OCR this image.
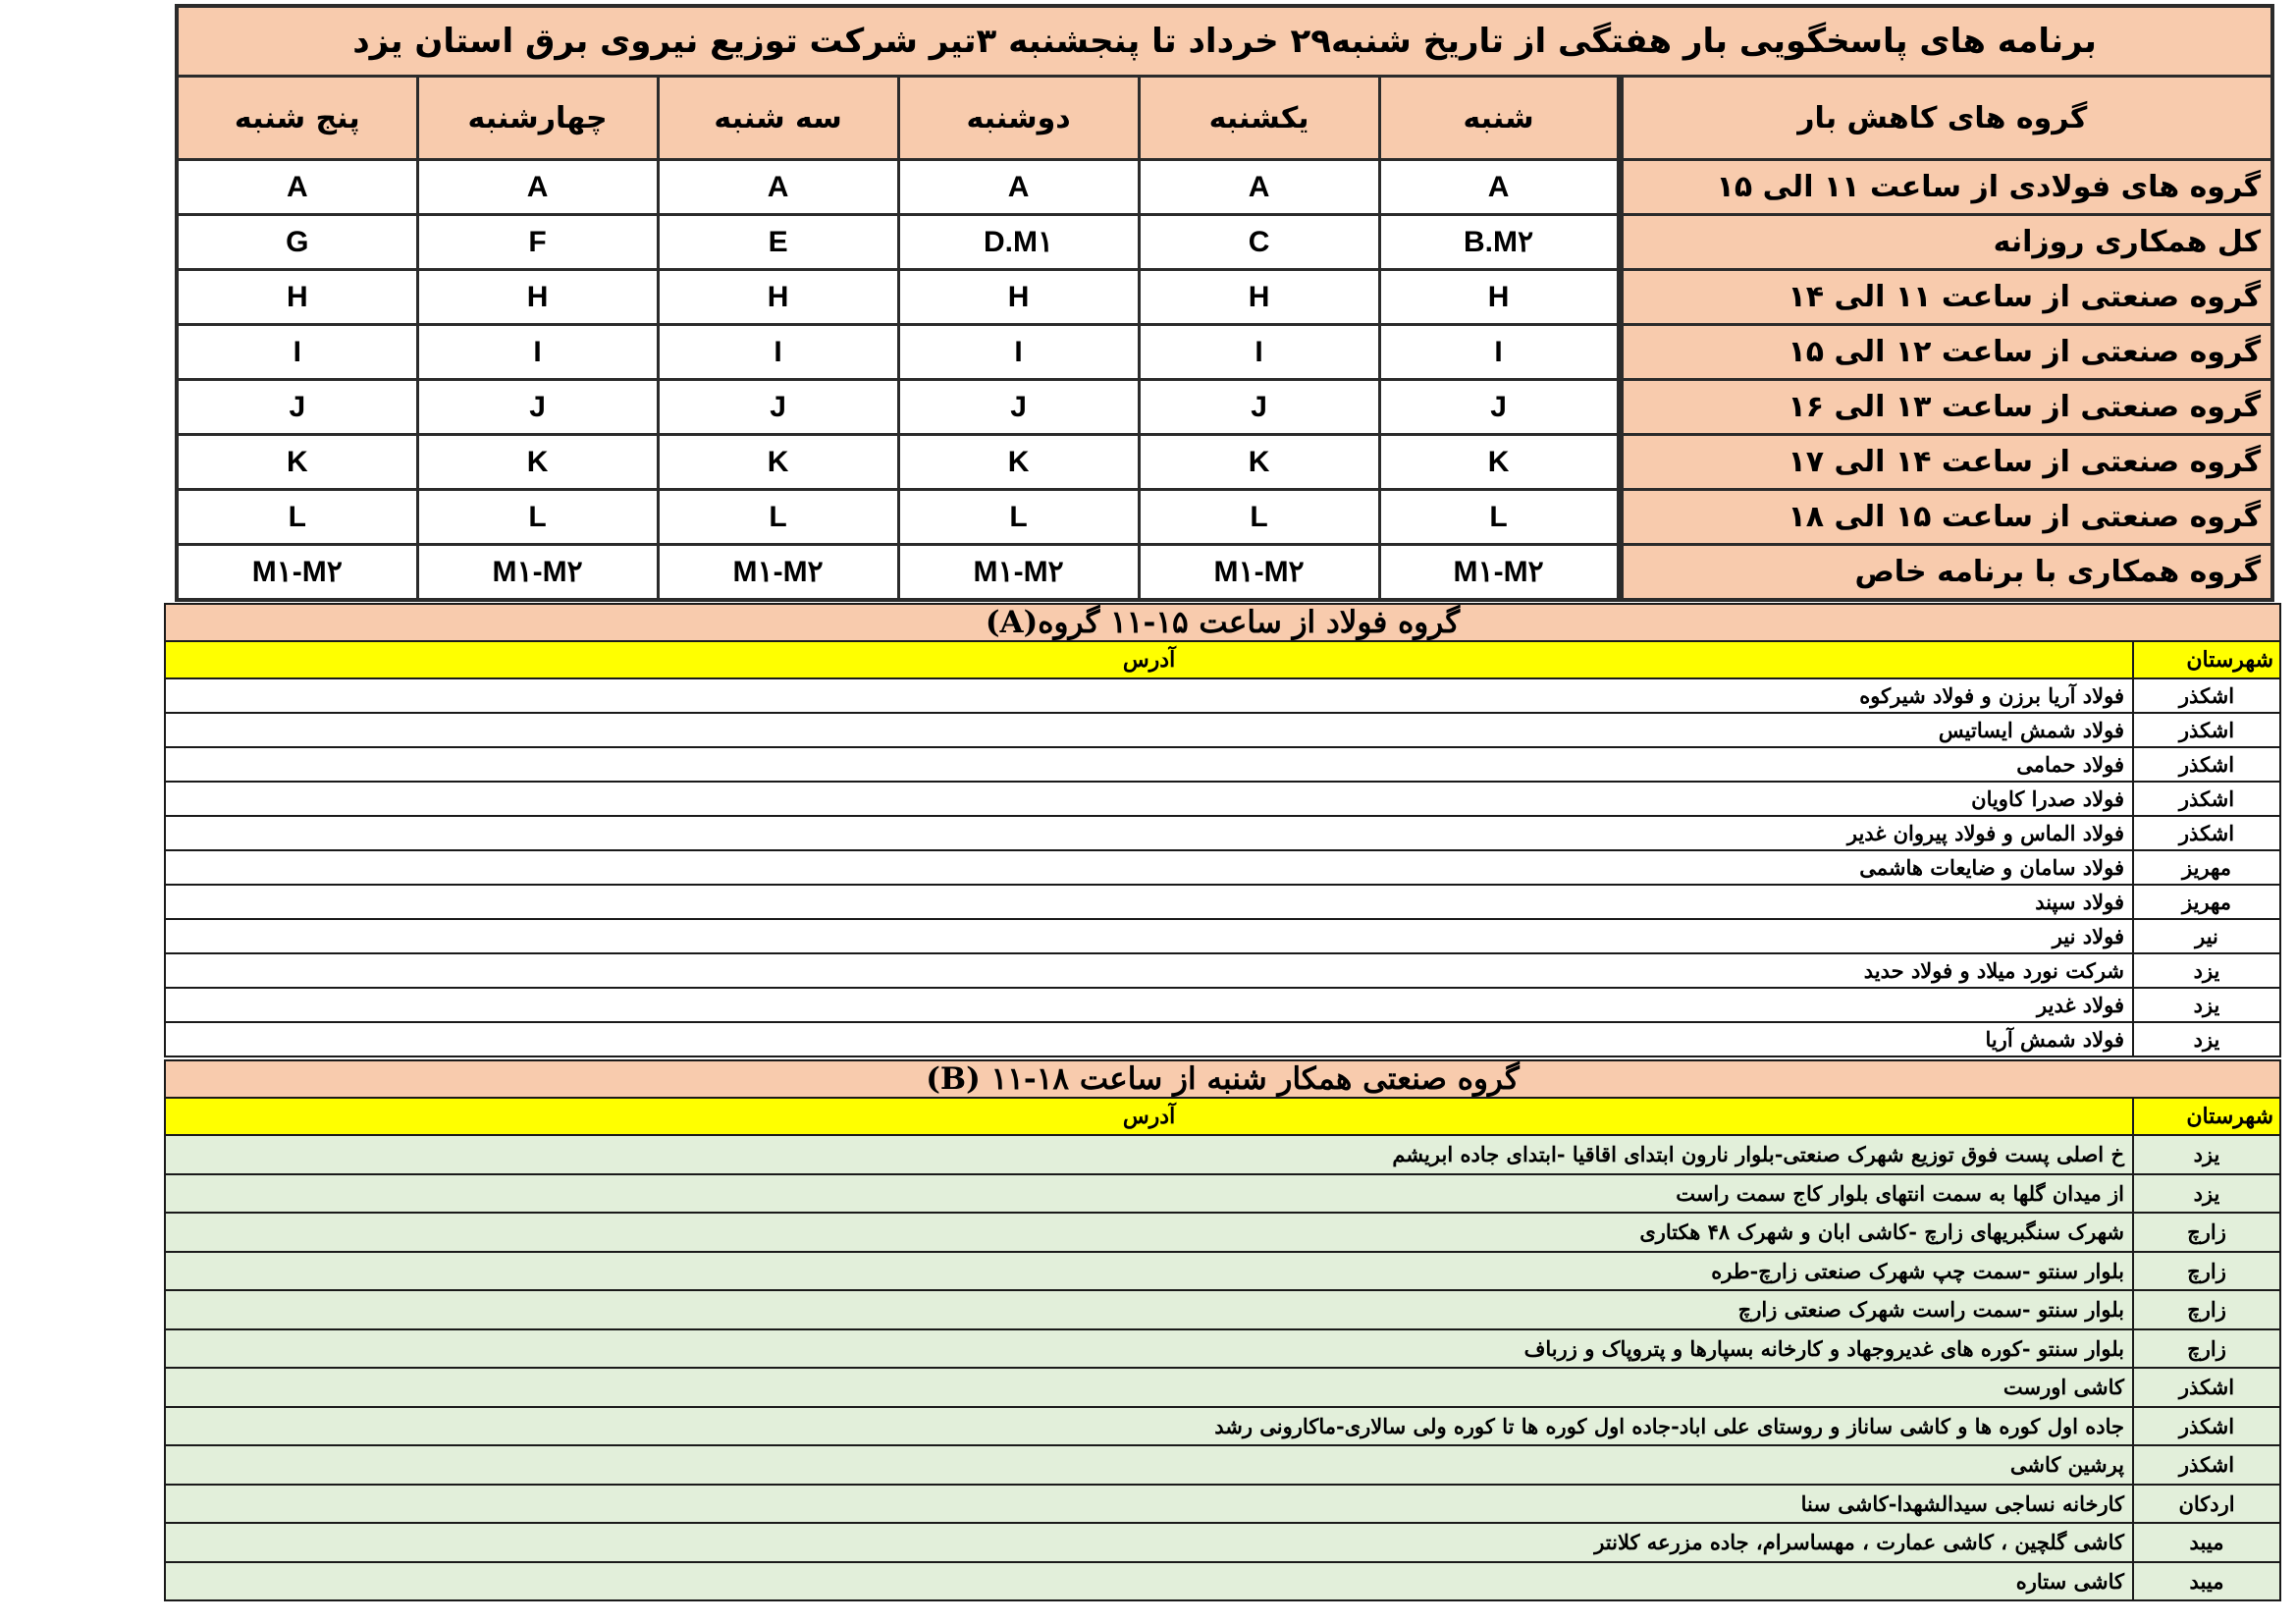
برنامه های پاسخگویی بار هفتگی از تاریخ شنبه۲۹ خرداد تا پنجشنبه ۳تیر شرکت توزیع نیروی برق استان یزد						
گروه های کاهش بار	شنبه	یکشنبه	دوشنبه	سه شنبه	چهارشنبه	پنج شنبه
گروه های فولادی از ساعت ۱۱ الی ۱۵	A	A	A	A	A	A
کل همکاری روزانه	B.M۲	C	D.M۱	E	F	G
گروه صنعتی از ساعت ۱۱ الی ۱۴	H	H	H	H	H	H
گروه صنعتی از ساعت ۱۲ الی ۱۵	I	I	I	I	I	I
گروه صنعتی از ساعت ۱۳ الی ۱۶	J	J	J	J	J	J
گروه صنعتی از ساعت ۱۴ الی ۱۷	K	K	K	K	K	K
گروه صنعتی از ساعت ۱۵ الی ۱۸	L	L	L	L	L	L
گروه همکاری با برنامه خاص	M۱-M۲	M۱-M۲	M۱-M۲	M۱-M۲	M۱-M۲	M۱-M۲
گروه فولاد از ساعت ۱۵-۱۱ گروه(A)	
شهرستان	آدرس
اشکذر	فولاد آریا برزن و فولاد شیرکوه
اشکذر	فولاد شمش ایساتیس
اشکذر	فولاد حمامی
اشکذر	فولاد صدرا کاویان
اشکذر	فولاد الماس و فولاد پیروان غدیر
مهریز	فولاد سامان و ضایعات هاشمی
مهریز	فولاد سپند
نیر	فولاد نیر
یزد	شرکت نورد میلاد و فولاد حدید
یزد	فولاد غدیر
یزد	فولاد شمش آریا
گروه صنعتی همکار شنبه از ساعت ۱۸-۱۱ (B)	
شهرستان	آدرس
یزد	خ اصلی پست فوق توزیع شهرک صنعتی-بلوار نارون ابتدای اقاقیا -ابتدای جاده ابریشم
یزد	از میدان گلها به سمت انتهای بلوار کاج سمت راست
زارچ	شهرک سنگبریهای زارچ -کاشی ابان و شهرک ۴۸ هکتاری
زارچ	بلوار سنتو -سمت چپ شهرک صنعتی زارچ-طره
زارچ	بلوار سنتو -سمت راست شهرک صنعتی زارچ
زارچ	بلوار سنتو -کوره های غدیروجهاد و کارخانه بسپارها و پتروپاک و زرباف
اشکذر	کاشی اورست
اشکذر	جاده اول کوره ها و کاشی ساناز و روستای علی اباد-جاده اول کوره ها تا کوره ولی سالاری-ماکارونی رشد
اشکذر	پرشین کاشی
اردکان	کارخانه نساجی سیدالشهدا-کاشی سنا
میبد	کاشی گلچین ، کاشی عمارت ، مهساسرام، جاده مزرعه کلانتر
میبد	کاشی ستاره
